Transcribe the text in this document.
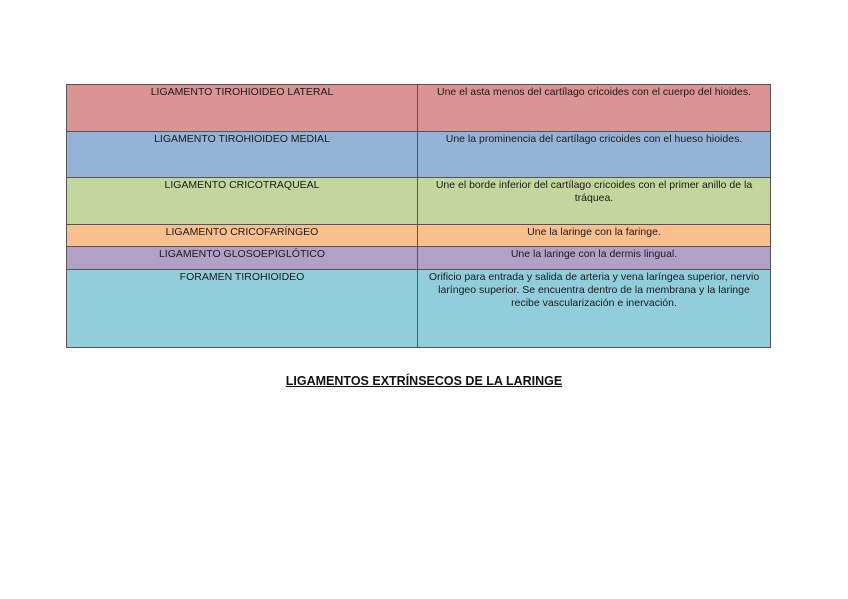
LIGAMENTO TIROHIOIDEO LATERAL	Une el asta menos del cartílago cricoides con el cuerpo del hioides.
LIGAMENTO TIROHIOIDEO MEDIAL	Une la prominencia del cartílago cricoides con el hueso hioides.
LIGAMENTO CRICOTRAQUEAL	Une el borde inferior del cartílago cricoides con el primer anillo de la tráquea.
LIGAMENTO CRICOFARÍNGEO	Une la laringe con la faringe.
LIGAMENTO GLOSOEPIGLÓTICO	Une la laringe con la dermis lingual.
FORAMEN TIROHIOIDEO	Orificio para entrada y salida de arteria y vena laríngea superior, nervio laríngeo superior. Se encuentra dentro de la membrana y la laringe recibe vascularización e inervación.
LIGAMENTOS EXTRÍNSECOS DE LA LARINGE
